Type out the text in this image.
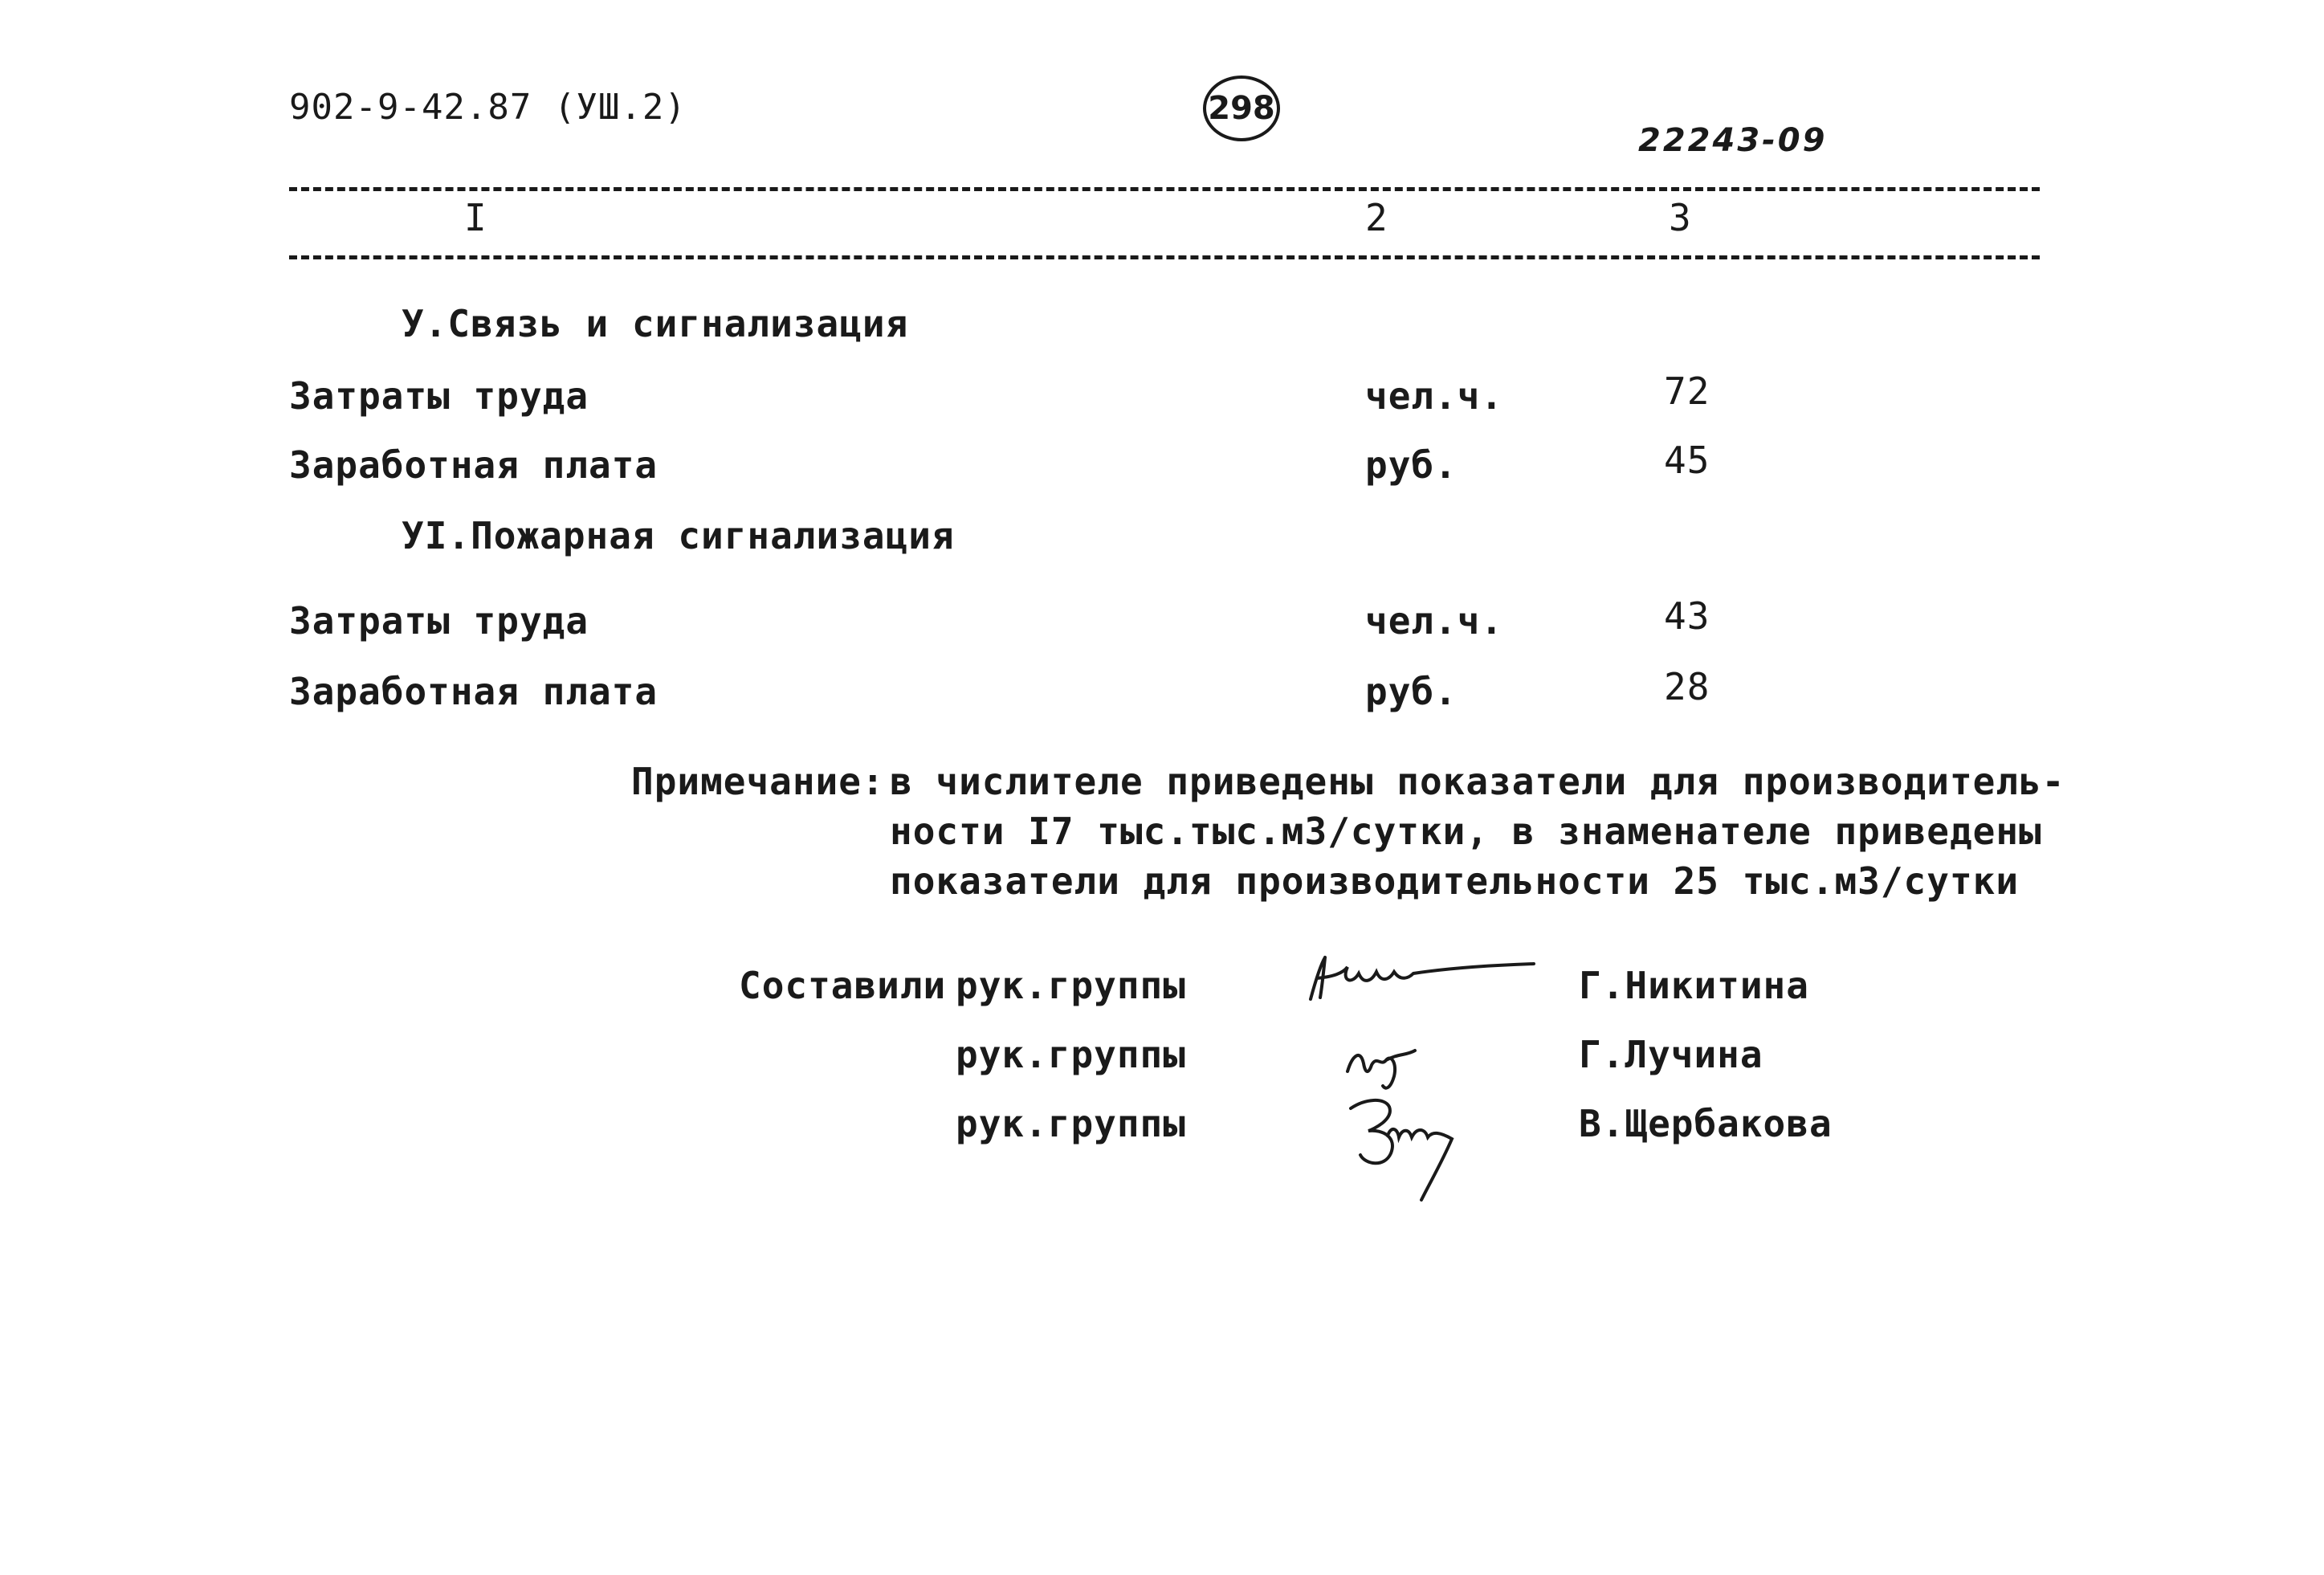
902-9-42.87 (УШ.2)	298
22243-09
I	2	3
У.Связь и сигнализация
Затраты труда	чел.ч.	72
Заработная плата	руб.	45
УI.Пожарная сигнализация
Затраты труда	чел.ч.	43
Заработная плата	руб.	28
Примечание: в числителе приведены показатели для производитель-
ности I7 тыс.тыс.м3/сутки, в знаменателе приведены
показатели для производительности 25 тыс.м3/сутки
Составили рук.группы
рук.группы
рук.группы
Г.Никитина
Г.Лучина
В.Щербакова
